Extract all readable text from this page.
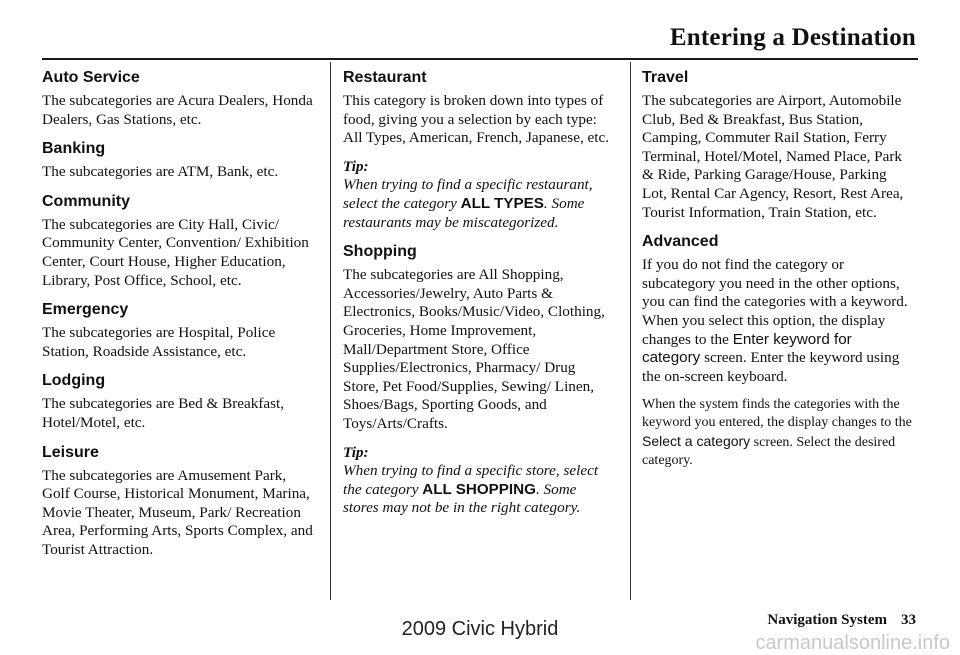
Entering a Destination
Auto Service

The subcategories are Acura Dealers, Honda Dealers, Gas Stations, etc.

Banking

The subcategories are ATM, Bank, etc.

Community

The subcategories are City Hall, Civic/ Community Center, Convention/ Exhibition Center, Court House, Higher Education, Library, Post Office, School, etc.

Emergency

The subcategories are Hospital, Police Station, Roadside Assistance, etc.

Lodging

The subcategories are Bed & Breakfast, Hotel/Motel, etc.

Leisure

The subcategories are Amusement Park, Golf Course, Historical Monument, Marina, Movie Theater, Museum, Park/ Recreation Area, Performing Arts, Sports Complex, and Tourist Attraction.

Restaurant

This category is broken down into types of food, giving you a selection by each type: All Types, American, French, Japanese, etc.

Tip:

When trying to find a specific restaurant, select the category ALL TYPES. Some restaurants may be miscategorized.

Shopping

The subcategories are All Shopping, Accessories/Jewelry, Auto Parts & Electronics, Books/Music/Video, Clothing, Groceries, Home Improvement, Mall/Department Store, Office Supplies/Electronics, Pharmacy/ Drug Store, Pet Food/Supplies, Sewing/ Linen, Shoes/Bags, Sporting Goods, and Toys/Arts/Crafts.

Tip:

When trying to find a specific store, select the category ALL SHOPPING. Some stores may not be in the right category.

Travel

The subcategories are Airport, Automobile Club, Bed & Breakfast, Bus Station, Camping, Commuter Rail Station, Ferry Terminal, Hotel/Motel, Named Place, Park & Ride, Parking Garage/House, Parking Lot, Rental Car Agency, Resort, Rest Area, Tourist Information, Train Station, etc.

Advanced

If you do not find the category or subcategory you need in the other options, you can find the categories with a keyword. When you select this option, the display changes to the Enter keyword for category screen. Enter the keyword using the on-screen keyboard.

When the system finds the categories with the keyword you entered, the display changes to the Select a category screen. Select the desired category.

Navigation System 33
2009 Civic Hybrid
carmanualsonline.info
